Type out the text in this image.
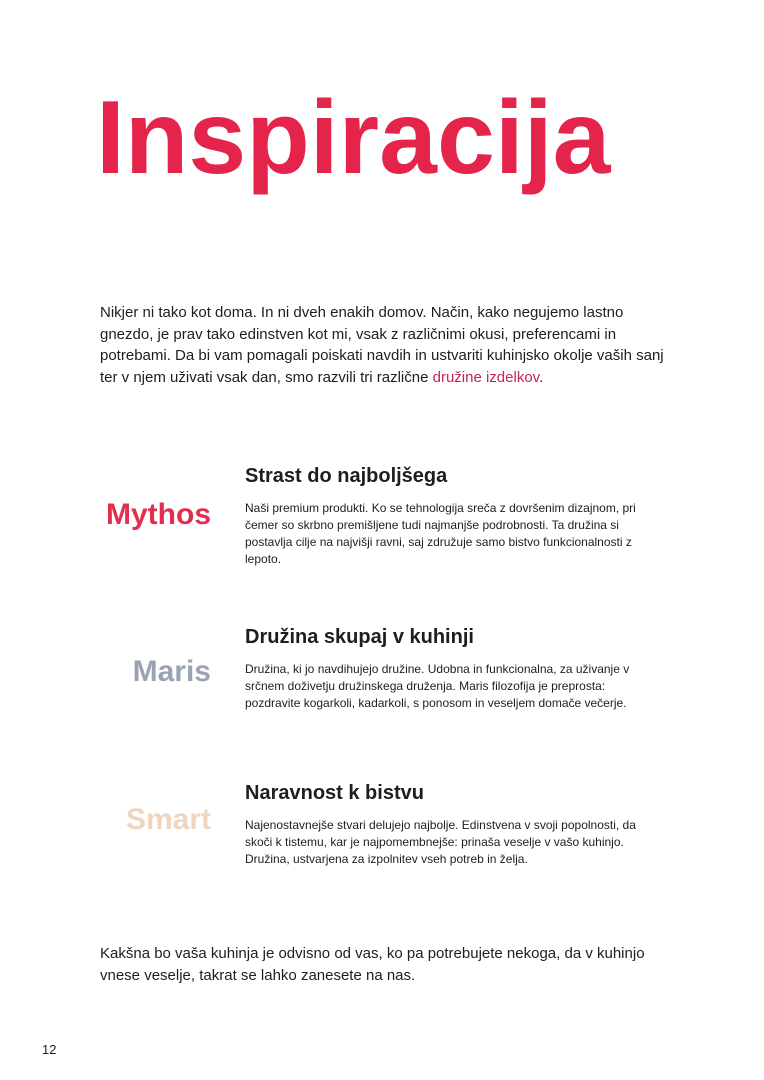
Inspiracija

Nikjer ni tako kot doma. In ni dveh enakih domov. Način, kako negujemo lastno gnezdo, je prav tako edinstven kot mi, vsak z različnimi okusi, preferencami in potrebami. Da bi vam pomagali poiskati navdih in ustvariti kuhinjsko okolje vaših sanj ter v njem uživati vsak dan, smo razvili tri različne družine izdelkov.

Mythos
Strast do najboljšega

Naši premium produkti. Ko se tehnologija sreča z dovršenim dizajnom, pri čemer so skrbno premišljene tudi najmanjše podrobnosti. Ta družina si postavlja cilje na najvišji ravni, saj združuje samo bistvo funkcionalnosti z lepoto.

Maris
Družina skupaj v kuhinji

Družina, ki jo navdihujejo družine. Udobna in funkcionalna, za uživanje v srčnem doživetju družinskega druženja. Maris filozofija je preprosta: pozdravite kogarkoli, kadarkoli, s ponosom in veseljem domače večerje.

Smart
Naravnost k bistvu

Najenostavnejše stvari delujejo najbolje. Edinstvena v svoji popolnosti, da skoči k tistemu, kar je najpomembnejše: prinaša veselje v vašo kuhinjo. Družina, ustvarjena za izpolnitev vseh potreb in želja.

Kakšna bo vaša kuhinja je odvisno od vas, ko pa potrebujete nekoga, da v kuhinjo vnese veselje, takrat se lahko zanesete na nas.

12
